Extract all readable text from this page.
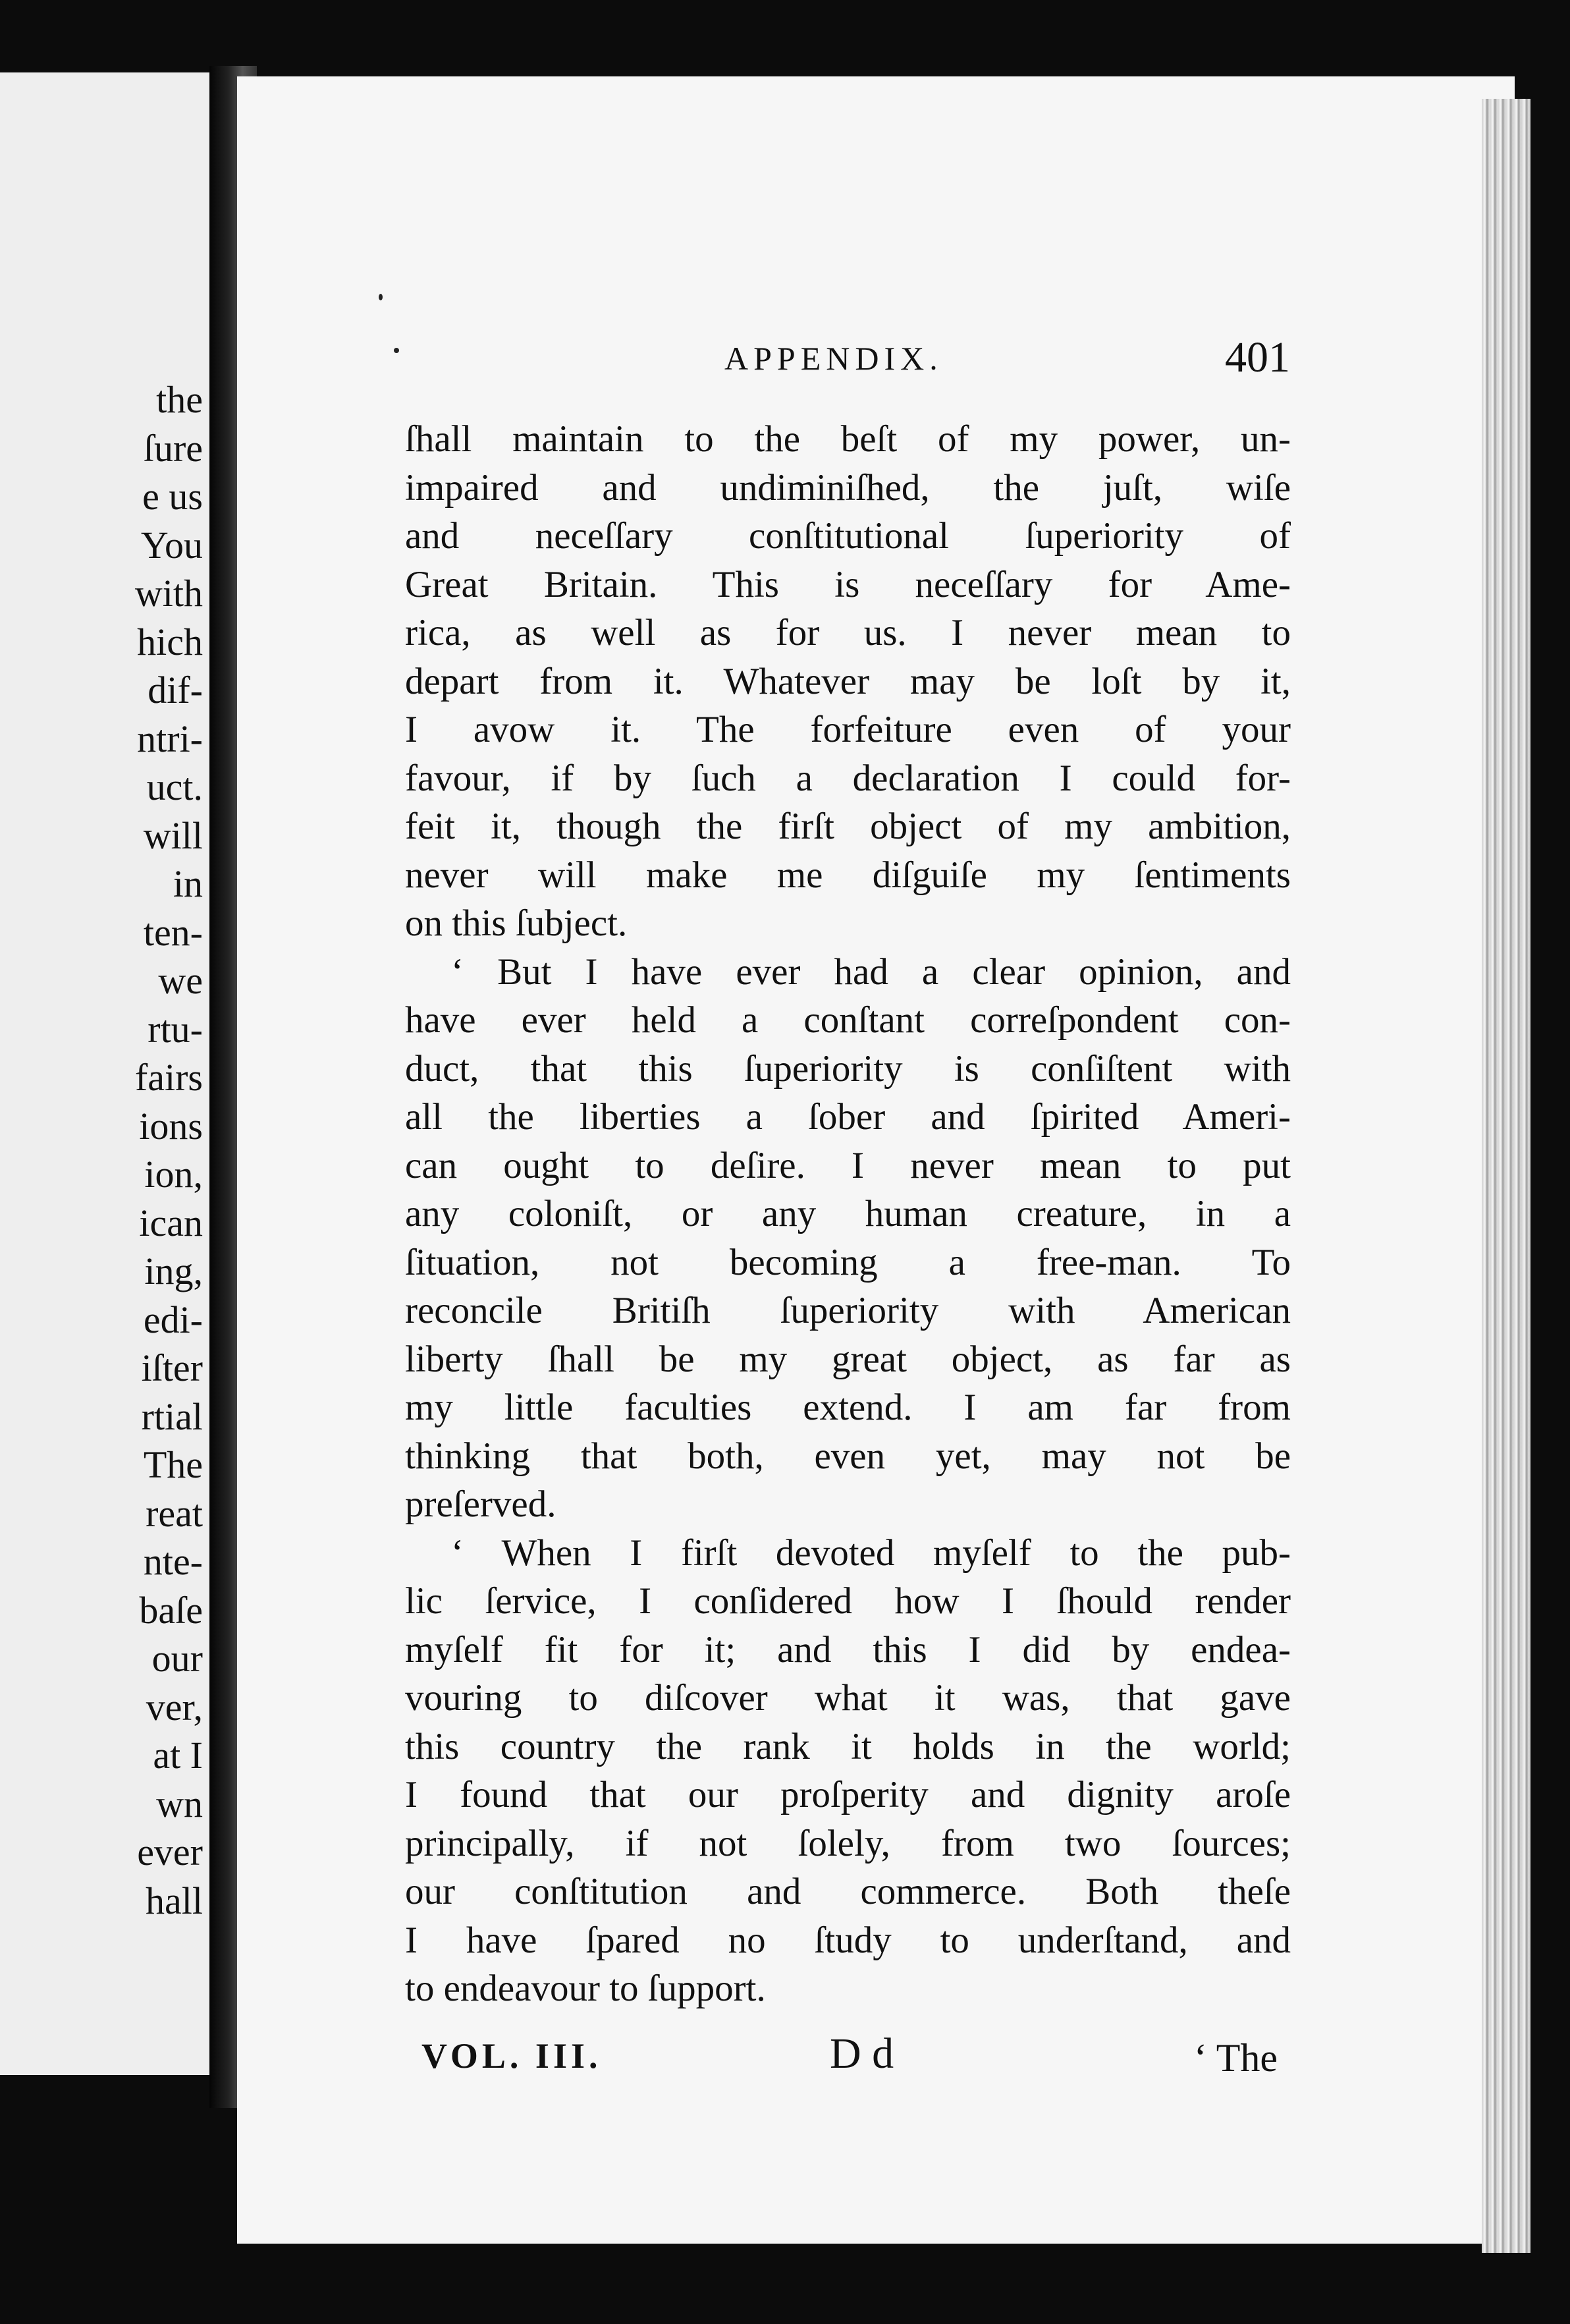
the
ſure
e us
You
with
hich
dif-
ntri-
uct.
will
in
ten-
we
rtu-
fairs
ions
ion,
ican
ing,
edi-
iſter
rtial
The
reat
nte-
baſe
our
ver,
at I
wn
ever
hall
APPENDIX.	401
ſhall maintain to the beſt of my power, un-
impaired and undiminiſhed, the juſt, wiſe
and neceſſary conſtitutional ſuperiority of
Great Britain. This is neceſſary for Ame-
rica, as well as for us. I never mean to
depart from it. Whatever may be loſt by it,
I avow it. The forfeiture even of your
favour, if by ſuch a declaration I could for-
feit it, though the firſt object of my ambition,
never will make me diſguiſe my ſentiments
on this ſubject.
‘ But I have ever had a clear opinion, and
have ever held a conſtant correſpondent con-
duct, that this ſuperiority is conſiſtent with
all the liberties a ſober and ſpirited Ameri-
can ought to deſire. I never mean to put
any coloniſt, or any human creature, in a
ſituation, not becoming a free-man. To
reconcile Britiſh ſuperiority with American
liberty ſhall be my great object, as far as
my little faculties extend. I am far from
thinking that both, even yet, may not be
preſerved.
‘ When I firſt devoted myſelf to the pub-
lic ſervice, I conſidered how I ſhould render
myſelf fit for it; and this I did by endea-
vouring to diſcover what it was, that gave
this country the rank it holds in the world;
I found that our proſperity and dignity aroſe
principally, if not ſolely, from two ſources;
our conſtitution and commerce. Both theſe
I have ſpared no ſtudy to underſtand, and
to endeavour to ſupport.
VOL. III.	D d	‘ The
